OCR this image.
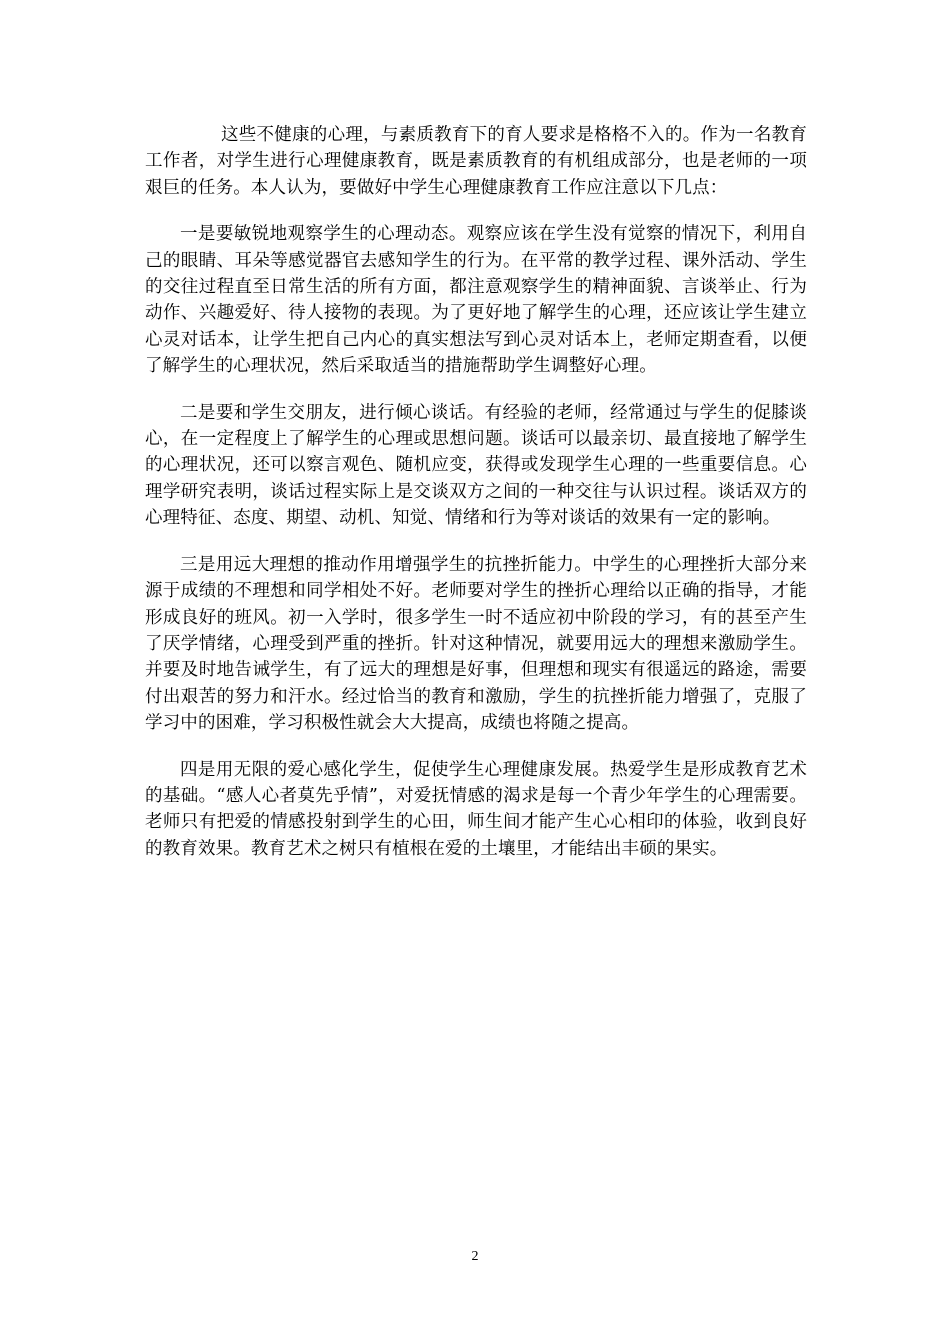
这些不健康的心理，与素质教育下的育人要求是格格不入的。作为一名教育工作者，对学生进行心理健康教育，既是素质教育的有机组成部分，也是老师的一项艰巨的任务。本人认为，要做好中学生心理健康教育工作应注意以下几点：

一是要敏锐地观察学生的心理动态。观察应该在学生没有觉察的情况下，利用自己的眼睛、耳朵等感觉器官去感知学生的行为。在平常的教学过程、课外活动、学生的交往过程直至日常生活的所有方面，都注意观察学生的精神面貌、言谈举止、行为动作、兴趣爱好、待人接物的表现。为了更好地了解学生的心理，还应该让学生建立心灵对话本，让学生把自己内心的真实想法写到心灵对话本上，老师定期查看，以便了解学生的心理状况，然后采取适当的措施帮助学生调整好心理。

二是要和学生交朋友，进行倾心谈话。有经验的老师，经常通过与学生的促膝谈心，在一定程度上了解学生的心理或思想问题。谈话可以最亲切、最直接地了解学生的心理状况，还可以察言观色、随机应变，获得或发现学生心理的一些重要信息。心理学研究表明，谈话过程实际上是交谈双方之间的一种交往与认识过程。谈话双方的心理特征、态度、期望、动机、知觉、情绪和行为等对谈话的效果有一定的影响。

三是用远大理想的推动作用增强学生的抗挫折能力。中学生的心理挫折大部分来源于成绩的不理想和同学相处不好。老师要对学生的挫折心理给以正确的指导，才能形成良好的班风。初一入学时，很多学生一时不适应初中阶段的学习，有的甚至产生了厌学情绪，心理受到严重的挫折。针对这种情况，就要用远大的理想来激励学生。并要及时地告诫学生，有了远大的理想是好事，但理想和现实有很遥远的路途，需要付出艰苦的努力和汗水。经过恰当的教育和激励，学生的抗挫折能力增强了，克服了学习中的困难，学习积极性就会大大提高，成绩也将随之提高。

四是用无限的爱心感化学生，促使学生心理健康发展。热爱学生是形成教育艺术的基础。“感人心者莫先乎情”，对爱抚情感的渴求是每一个青少年学生的心理需要。老师只有把爱的情感投射到学生的心田，师生间才能产生心心相印的体验，收到良好的教育效果。教育艺术之树只有植根在爱的土壤里，才能结出丰硕的果实。

2
